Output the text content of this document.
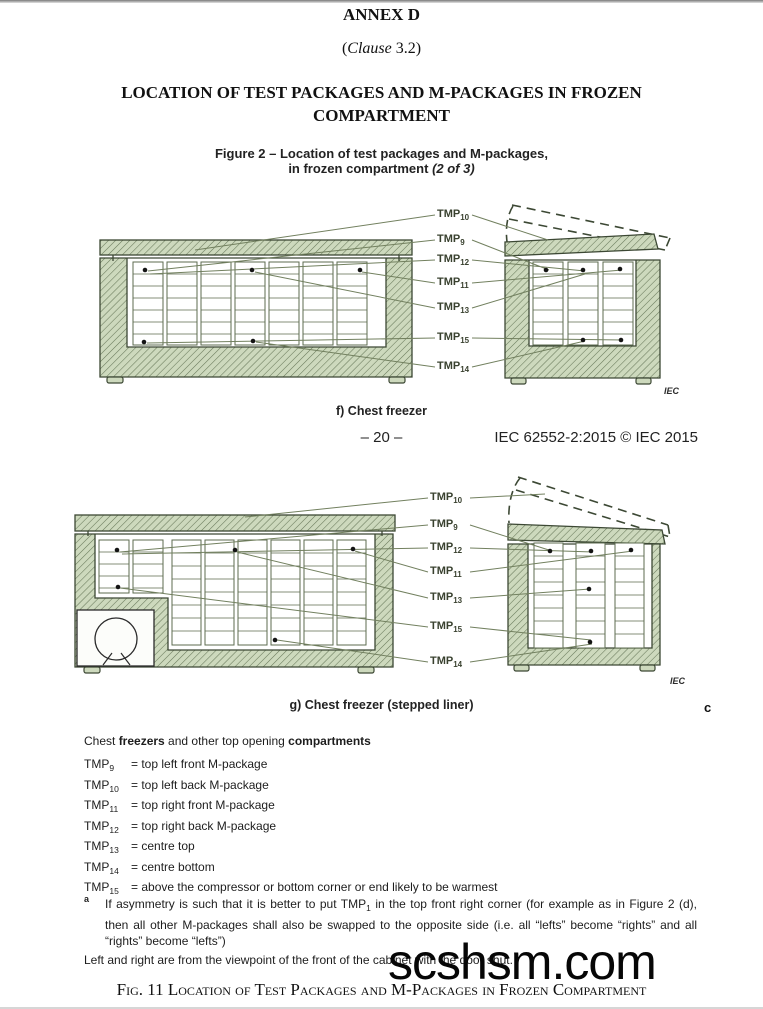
ANNEX D
(Clause 3.2)
LOCATION OF TEST PACKAGES AND M-PACKAGES IN FROZEN
COMPARTMENT
Figure 2 – Location of test packages and M-packages,
in frozen compartment (2 of 3)
$TMP_{10}$
$TMP_9$
$TMP_{12}$
$TMP_{11}$
$TMP_{13}$
$TMP_{15}$
$TMP_{14}$
IEC
f) Chest freezer
– 20 –	IEC 62552-2:2015 © IEC 2015
$TMP_{10}$
$TMP_9$
$TMP_{12}$
$TMP_{11}$
$TMP_{13}$
$TMP_{15}$
$TMP_{14}$
IEC
g) Chest freezer (stepped liner)	c
Chest freezers and other top opening compartments
$TMP_9$ = top left front M-package
$TMP_{10}$ = top left back M-package
$TMP_{11}$ = top right front M-package
$TMP_{12}$ = top right back M-package
$TMP_{13}$ = centre top
$TMP_{14}$ = centre bottom
$TMP_{15}$ = above the compressor or bottom corner or end likely to be warmest
a If asymmetry is such that it is better to put $TMP_1$ in the top front right corner (for example as in Figure 2 (d), then all other M-packages shall also be swapped to the opposite side (i.e. all “lefts” become “rights” and all “rights” become “lefts”)
Left and right are from the viewpoint of the front of the cabinet with the door shut.
scshsm.com
Fig. 11 Location of Test Packages and M-Packages in Frozen Compartment
